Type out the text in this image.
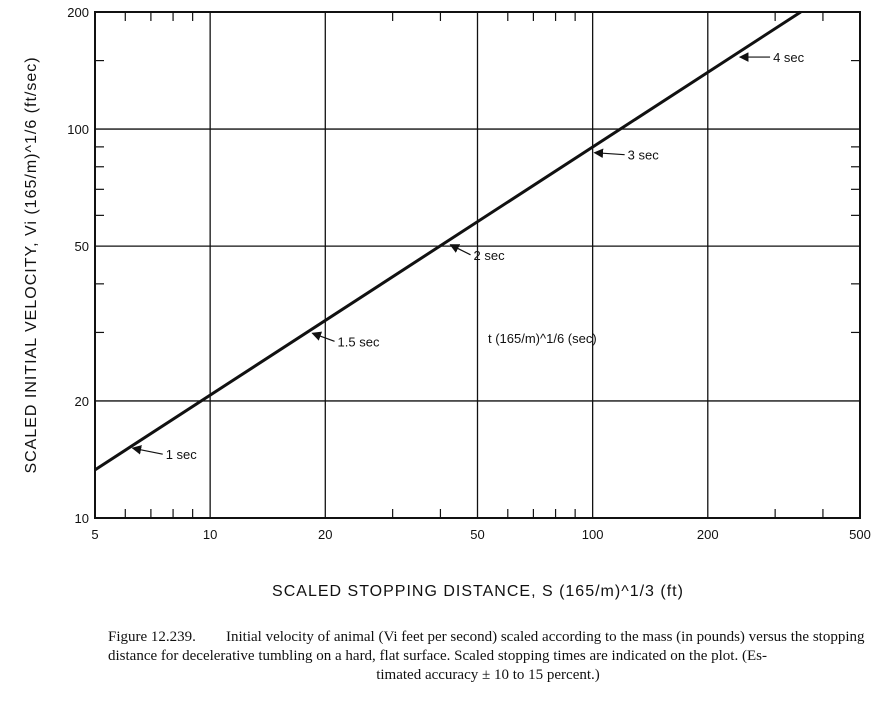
5	10	20	50	100	200	500
10
20
50
100
200
1 sec
1.5 sec
2 sec
3 sec
4 sec
t (165/m)^1/6 (sec)
SCALED STOPPING DISTANCE, S (165/m)^1/3 (ft)
SCALED INITIAL VELOCITY, Vi (165/m)^1/6 (ft/sec)

Figure 12.239. Initial velocity of animal (Vi feet per second) scaled according to the mass (in pounds) versus the stopping distance for decelerative tumbling on a hard, flat surface. Scaled stopping times are indicated on the plot. (Es-

timated accuracy ± 10 to 15 percent.)
